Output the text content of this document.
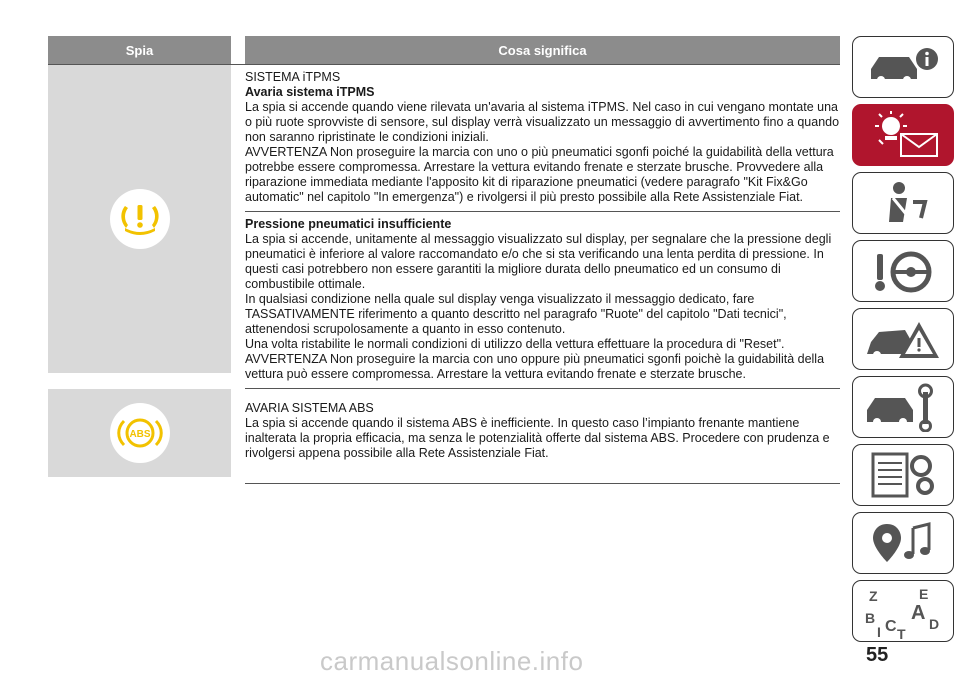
Spia	Cosa significa

SISTEMA iTPMS

Avaria sistema iTPMS

La spia si accende quando viene rilevata un'avaria al sistema iTPMS. Nel caso in cui vengano montate una o più ruote sprovviste di sensore, sul display verrà visualizzato un messaggio di avvertimento fino a quando non saranno ripristinate le condizioni iniziali.

AVVERTENZA Non proseguire la marcia con uno o più pneumatici sgonfi poiché la guidabilità della vettura potrebbe essere compromessa. Arrestare la vettura evitando frenate e sterzate brusche. Provvedere alla riparazione immediata mediante l'apposito kit di riparazione pneumatici (vedere paragrafo "Kit Fix&Go automatic" nel capitolo "In emergenza") e rivolgersi il più presto possibile alla Rete Assistenziale Fiat.

Pressione pneumatici insufficiente

La spia si accende, unitamente al messaggio visualizzato sul display, per segnalare che la pressione degli pneumatici è inferiore al valore raccomandato e/o che si sta verificando una lenta perdita di pressione. In questi casi potrebbero non essere garantiti la migliore durata dello pneumatico ed un consumo di combustibile ottimale.

In qualsiasi condizione nella quale sul display venga visualizzato il messaggio dedicato, fare TASSATIVAMENTE riferimento a quanto descritto nel paragrafo "Ruote" del capitolo "Dati tecnici", attenendosi scrupolosamente a quanto in esso contenuto.

Una volta ristabilite le normali condizioni di utilizzo della vettura effettuare la procedura di "Reset".

AVVERTENZA Non proseguire la marcia con uno oppure più pneumatici sgonfi poichè la guidabilità della vettura può essere compromessa. Arrestare la vettura evitando frenate e sterzate brusche.

ABS

AVARIA SISTEMA ABS

La spia si accende quando il sistema ABS è inefficiente. In questo caso l’impianto frenante mantiene inalterata la propria efficacia, ma senza le potenzialità offerte dal sistema ABS. Procedere con prudenza e rivolgersi appena possibile alla Rete Assistenziale Fiat.

Z	E
A
B C D
I T
55
carmanualsonline.info
